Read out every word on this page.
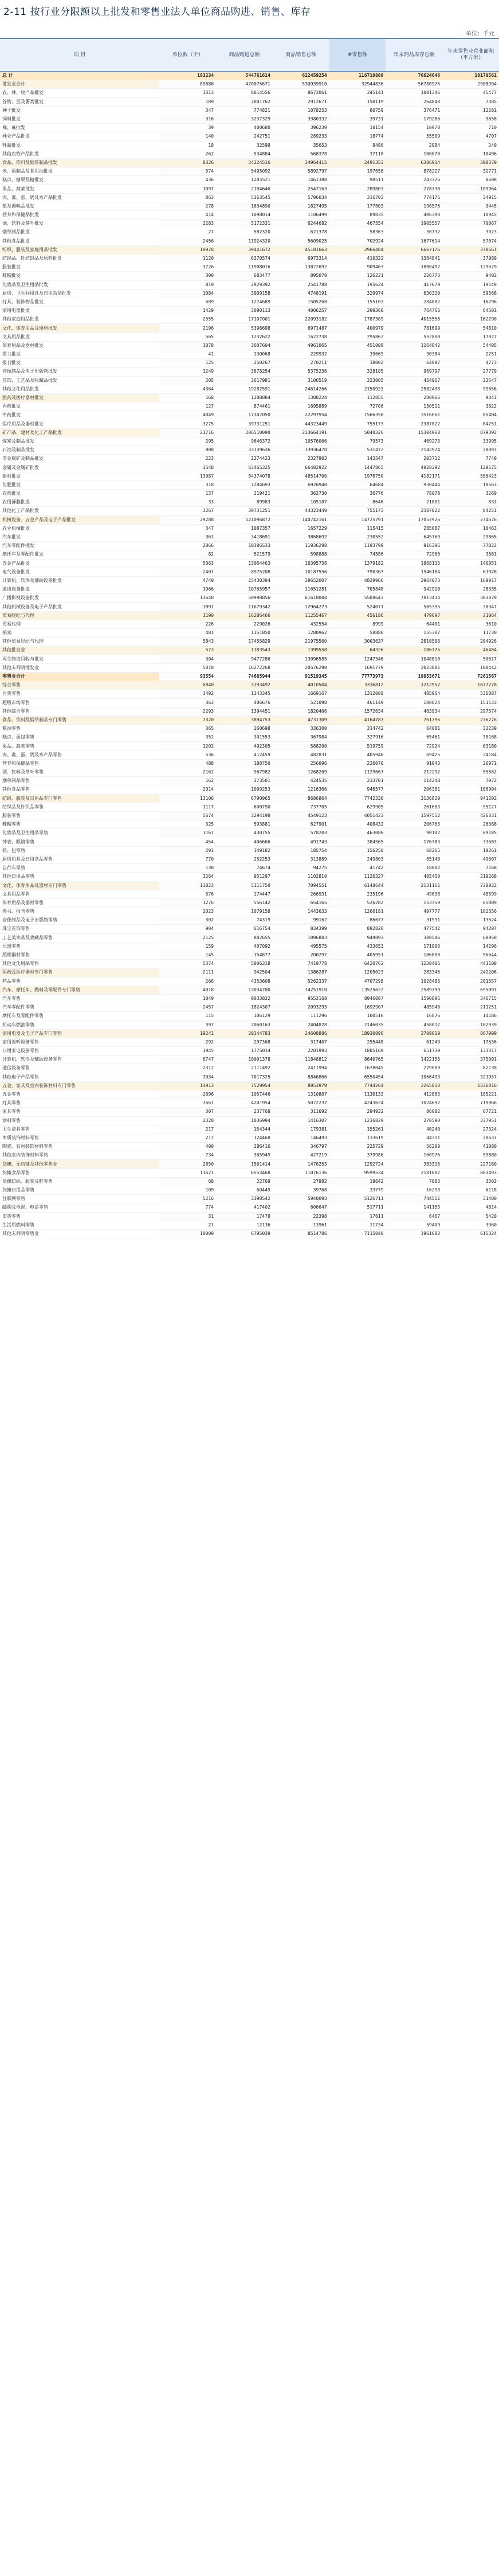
2-11 按行业分限额以上批发和零售业法人单位商品购进、销售、库存
单位：千元
项 目	单位数（个）	商品购进总额	商品销售总额	#零售额	年末商品库存总额	年末零售业营业面积（平方米）
总 计	183234	544761614	622459254	116710800	76624646	10170561
批发业合计	89680	470075671	530939910	32944836	56780975	2908994
农、林、牧产品批发	1313	8014556	8672061	345141	1001346	45477
谷物、豆及薯类批发	189	2801762	2912671	150119	264048	7385
种子批发	347	774821	1078253	80759	376471	12281
饲料批发	316	3237329	3380332	39731	179286	9658
棉、麻批发	39	400680	396239	10154	10978	710
林业产品批发	140	242751	289233	18774	55509	4707
牲畜批发	18	32599	35653	8486	2984	240
其他农牧产品批发	262	534884	568378	37118	106070	10496
食品、饮料及烟草制品批发	8326	34224516	34964415	2491353	6386914	398379
米、面制品及食用油批发	574	5495092	5892797	197658	878227	32771
糕点、糖果及糖批发	436	1205521	1461380	98511	243726	8608
果品、蔬菜批发	1097	2194646	2547163	289803	278738	109964
肉、禽、蛋、奶及水产品批发	863	5363545	5796034	316703	774176	34915
盐及调味品批发	278	1634890	1827495	177803	190576	9445
营养和保健品批发	414	1098014	1106499	89835	406398	10945
酒、饮料及茶叶批发	2283	5172331	6244682	467554	1905557	70067
烟草制品批发	27	582320	621378	58363	30732	3023
其他食品批发	2456	11924320	5609025	702924	1677614	57074
纺织、服装及家庭用品批发	10978	39441672	45181663	2966484	6667176	378661
纺织品、针纺织品及原料批发	1120	6370574	6973314	410322	1384841	37989
服装批发	3726	11908016	13872692	909463	1880492	129679
鞋帽批发	300	683477	895070	126221	226773	9402
化妆品及卫生用品批发	819	2929392	2541788	195624	417679	19149
厨房、卫生间用具及日用杂货批发	1084	3909158	4748191	329974	630320	59568
灯具、装饰物品批发	689	1274689	1505268	155103	284082	16296
家用电器批发	1429	3090113	4006257	299360	764766	64501
其他家庭用品批发	2555	17107001	22093182	1787309	4015556	162290
文化、体育用品及器材批发	2196	5398698	6971487	400979	781699	54810
文具用品批发	565	1232622	1622738	295862	552800	17927
体育用品及器材批发	1078	3607604	4961065	451008	1164842	54495
图书批发	41	130068	229932	39669	30384	2251
报刊批发	125	250267	270211	38002	64897	4773
音像制品及电子出版物批发	1249	3878254	5375236	328105	969797	27779
首饰、工艺品及收藏品批发	205	2617981	3106519	323005	454967	22547
其他文化用品批发	4364	19282591	24614266	2150923	2582438	99656
医药及医疗器材批发	168	1208884	1308224	112855	280966	9341
西药批发	127	874461	1695889	72706	150511	3822
中药批发	4049	17307050	22297954	1566358	3516061	85404
医疗用品及器材批发	3275	39731251	44323449	755173	2387022	84251
矿产品、建材及化工产品批发	21716	206510090	213664191	5040326	15304968	879392
煤炭及制品批发	295	9646372	10576066	79573	469273	33995
石油及制品批发	808	33139636	33936478	531472	2142974	28897
非金属矿及制品批发	223	2274423	2327903	143347	203712	7749
金属及金属矿批发	3548	63465325	66482922	1447865	4928392	129175
建材批发	13087	84374078	48514700	1976750	4182171	586423
化肥批发	318	7284693	6926940	64684	930444	10563
农药批发	137	219421	363730	36776	78078	3269
农用薄膜批发	33	89983	105187	8646	21801	831
其他化工产品批发	3267	39731251	44323449	755173	2387022	84251
机械设备、五金产品及电子产品批发	29288	121096872	140742161	14725791	17057926	774676
农业机械批发	347	1087357	1657229	115415	285087	10463
汽车批发	361	3418691	3868692	230552	645769	29865
汽车零配件批发	2866	10386533	11936298	1193799	916396	77822
摩托车及零配件批发	82	521579	598888	74586	72966	3661
五金产品批发	5063	13064463	16395738	1379182	1868115	146951
电气设备批发	2401	8975208	10187556	790307	1546184	61928
计算机、软件及辅助设备批发	4749	25430394	29652007	4829966	2964073	169917
通讯设备批发	1066	10765957	11651281	705848	942910	28335
广播影视设备批发	13648	50998856	61618004	5508643	7813434	303029
其他机械设备及电子产品批发	1897	11679342	12964273	524071	585395	30347
贸易经纪与代理	1190	16286466	11255467	456186	479697	21064
贸易代理	226	229026	432554	8999	64401	3610
拍卖	481	1151850	1280962	58886	155387	11730
其他贸易经纪与代理	5843	17455829	21975560	3003637	2810506	204926
其他批发业	573	1183543	1399558	64326	186775	46484
再生物资回收与批发	304	9477286	13096585	1247346	1048810	50517
其他未列明批发业	5070	16272268	20576290	1691779	2023881	108442
零售业合计	93554	74685944	91519345	77773973	19853671	7261567
综合零售	6840	3193492	4010504	3336812	1212957	1077278
百货零售	3492	1343345	1669167	1312008	485964	536887
超级市场零售	363	406676	521098	461149	180824	151133
其他综合零售	2293	1394451	1820406	1572634	463934	297574
食品、饮料及烟草制品专门零售	7320	3894753	4731309	4164787	761796	276276
粮油零售	365	260698	336300	314742	64081	32239
糕点、面包零售	352	301553	367984	327916	65461	30168
果品、蔬菜零售	1202	492305	588200	519759	72924	63180
肉、禽、蛋、奶及水产品零售	536	412459	482831	405946	69425	34184
营养和保健品零售	488	188750	256096	226070	91943	26971
酒、饮料及茶叶零售	2162	967982	1268209	1129667	212232	55562
烟草制品零售	162	373501	424535	233701	114248	7972
其他食品零售	2014	1009253	1216366	946577	206381	166904
纺织、服装及日用品专门零售	13106	6790965	8686864	7742330	3136829	941292
纺织品及针织品零售	1117	600790	737705	629905	261603	95127
服装零售	5674	3294198	4549123	4051423	1597552	426331
鞋帽零售	325	593881	627901	408432	206763	26368
化妆品及卫生用品零售	1167	430755	578203	463086	90102	69185
钟表、眼镜零售	454	406666	491743	384565	176783	33683
箱、包零售	291	149182	185754	156250	68265	19261
厨房用具及日用杂品零售	770	252253	313889	249803	85148	49607
自行车零售	130	74674	94275	41742	18802	7168
其他日用品零售	3264	951297	1102810	1126327	405450	219268
文化、体育用品及器材专门零售	11023	5111750	7094551	6148644	2131161	720922
文具用品零售	576	174447	266931	235196	49638	48599
体育用品及器材零售	1276	556142	654165	526282	153759	65089
图书、报刊零售	2023	1079158	1443633	1266181	497777	102356
音像制品及电子出版物零售	302	74319	99162	86677	31931	13624
珠宝首饰零售	904	616754	834399	892820	477542	94297
工艺美术品及收藏品零售	2125	802655	1096883	949093	380546	60958
乐器零售	159	407092	495575	433653	171906	14296
照相器材零售	145	154877	200297	405951	186800	56644
其他文化用品零售	5374	5806318	7419778	6420762	1230406	441109
医药及医疗器材专门零售	2111	942504	1386287	1205023	283346	242206
药品零售	266	4353608	5262337	4707298	1028486	201557
汽车、摩托车、燃料及零配件专门零售	4018	13034700	14251910	13525622	2589799	695091
汽车零售	1049	9033832	9553168	8946087	1590896	346715
汽车零配件零售	2457	1824307	2093293	1692907	485946	211251
摩托车及零配件零售	115	106129	111296	100516	16876	14186
机动车燃油零售	397	2060163	2404828	2146035	458012	102939
家用电器及电子产品专门零售	19241	20144783	24608886	18930096	3709019	867999
家用视听设备零售	292	297368	317407	255448	61249	17636
日用家电设备零售	1945	1775034	2201993	1805169	651739	133317
计算机、软件及辅助设备零售	6747	10001378	11848812	8640765	1422155	375091
通信设备零售	2312	2111492	2411994	1678045	279009	82138
其他电子产品零售	7034	7017325	8846866	6550454	1066493	321957
五金、家具及室内装饰材料专门零售	14913	7529954	8953979	7744264	2265813	1336816
五金零售	2696	1057446	1310807	1130133	412863	185221
灯具零售	7661	4201954	5072237	4243624	1024697	719066
家具零售	307	237768	311692	294932	86082	67721
涂料零售	2320	1036994	1416307	1236829	270590	337951
卫生洁具零售	217	154344	179381	155261	40240	27324
木质装饰材料零售	217	124468	146493	133619	44311	20637
陶瓷、石材装饰材料零售	490	286416	346797	225729	56200	41080
其他室内装饰材料零售	734	365949	427219	379986	160976	59880
货摊、无店铺及其他零售业	2850	1561414	1476253	1292724	383315	227160
货摊食品零售	11621	6553468	11076136	9599534	2181087	803493
货摊纺织、服装及鞋零售	68	22769	27982	19642	7083	3303
货摊日用品零售	109	60449	39768	33779	16293	6118
互联网零售	5216	3390542	5940093	5126711	744551	31400
邮购及电视、电话零售	774	417402	606647	517711	141153	4814
旧货零售	31	17478	22398	17611	6467	5420
生活用燃料零售	21	12136	13961	11734	59409	3960
其他未列明零售业	10009	6795039	8514786	7115040	1961682	615324
